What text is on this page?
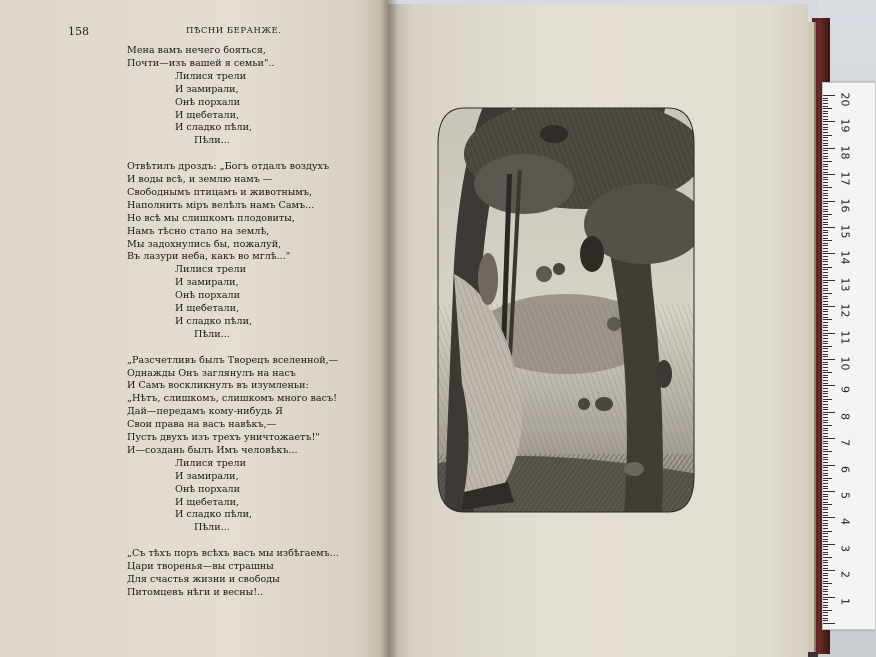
158	ПѢСНИ БЕРАНЖЕ.
Мена вамъ нечего бояться,
Почти—изъ вашей я семьи"..
Лилися трели
И замирали,
Онѣ порхали
И щебетали,
И сладко пѣли,
Пѣли...
Отвѣтилъ дроздъ: „Богъ отдалъ воздухъ
И воды всѣ, и землю намъ —
Свободнымъ птицамъ и животнымъ,
Наполнить міръ велѣлъ намъ Самъ...
Но всѣ мы слишкомъ плодовиты,
Намъ тѣсно стало на землѣ,
Мы задохнулись бы, пожалуй,
Въ лазури неба, какъ во мглѣ..."
Лилися трели
И замирали,
Онѣ порхали
И щебетали,
И сладко пѣли,
Пѣли...
„Разсчетливъ былъ Творецъ вселенной,—
Однажды Онъ заглянулъ на насъ
И Самъ воскликнулъ въ изумленьи:
„Нѣтъ, слишкомъ, слишкомъ много васъ!
Дай—передамъ кому-нибудь Я
Свои права на васъ навѣкъ,—
Пусть двухъ изъ трехъ уничтожаетъ!"
И—создань былъ Имъ человѣкъ...
Лилися трели
И замирали,
Онѣ порхали
И щебетали,
И сладко пѣли,
Пѣли...
„Съ тѣхъ поръ всѣхъ васъ мы избѣгаемъ...
Цари творенья—вы страшны
Для счастья жизни и свободы
Питомцевъ нѣги и весны!..
20
19
18
17
16
15
14
13
12
11
10
9
8
7
6
5
4
3
2
1
